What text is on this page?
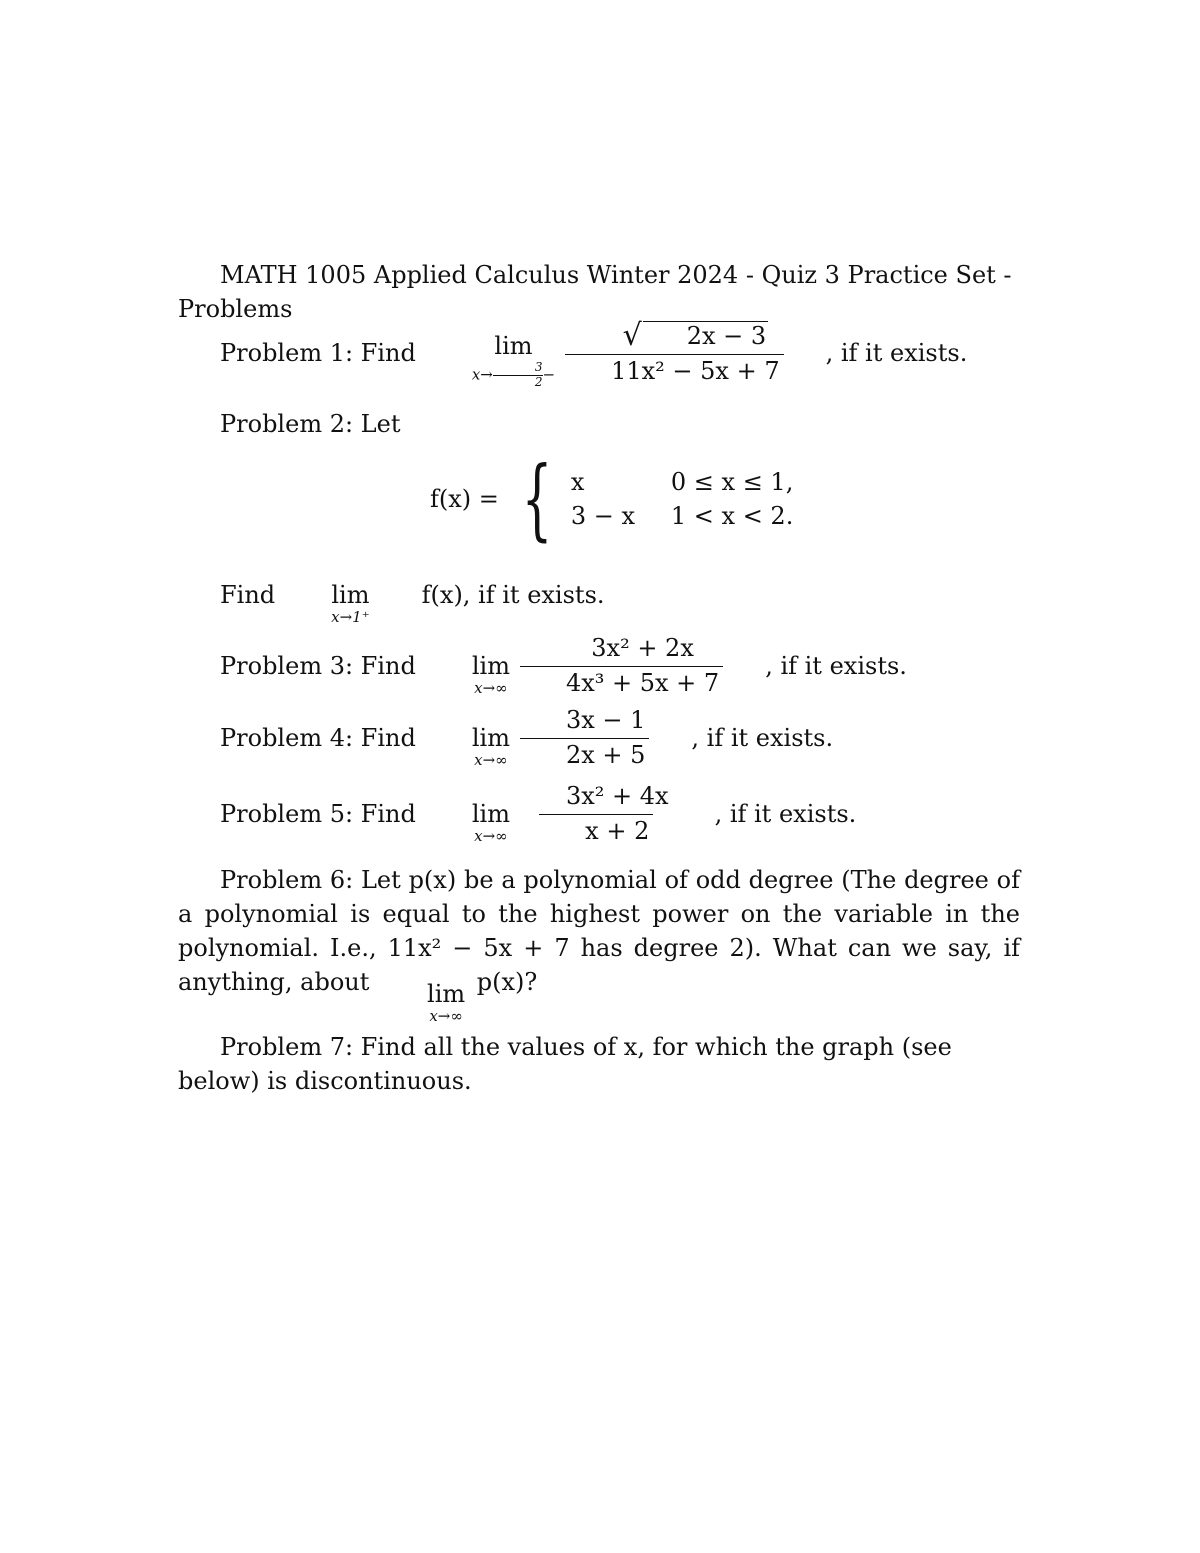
MATH 1005 Applied Calculus Winter 2024 - Quiz 3 Practice Set - Problems
Problem 1: Find	lim
$x\to \frac{3}{2}$ − √	2x − 3
11x² − 5x + 7	, if it exists.
Problem 2: Let
f(x) = { x	0 ≤ x ≤ 1,
3 − x	1 < x < 2.
Find	lim
x→1⁺
f(x), if it exists.
Problem 3: Find	lim
$x\to\infty \frac{\text{3x² + 2x}}{\text{4x³ + 5x + 7}}$	, if it exists.
Problem 4: Find	lim
$x\to\infty \frac{3x - 1}{2x + 5}$	, if it exists.
Problem 5: Find	lim
$x\to\infty \frac{\text{3x² + 4x}}{x + 2}$	, if it exists.
Problem 6: Let p(x) be a polynomial of odd degree (The degree of a polynomial is equal to the highest power on the variable in the polynomial. I.e., 11x² − 5x + 7 has degree 2). What can we say, if anything, about	lim
x→∞
p(x)?
Problem 7: Find all the values of x, for which the graph (see below) is discontinuous.
